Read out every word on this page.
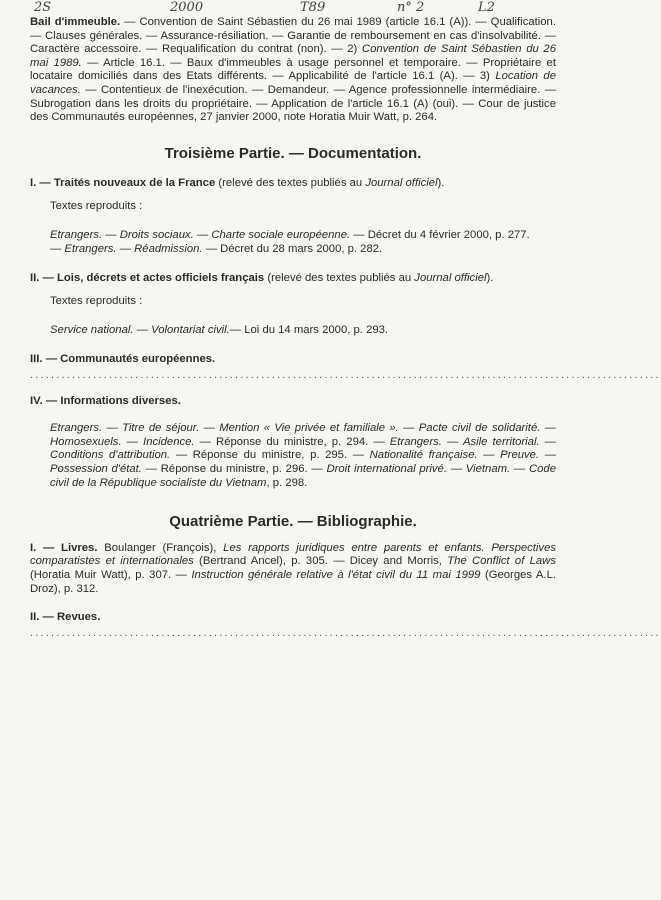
2S	2000	T89	n° 2	L2

Bail d'immeuble. — Convention de Saint Sébastien du 26 mai 1989 (article 16.1 (A)). — Qualification. — Clauses générales. — Assurance-résiliation. — Garantie de remboursement en cas d'insolvabilité. — Caractère accessoire. — Requalification du contrat (non). — 2) Convention de Saint Sébastien du 26 mai 1989. — Article 16.1. — Baux d'immeubles à usage personnel et temporaire. — Propriétaire et locataire domiciliés dans des Etats différents. — Applicabilité de l'article 16.1 (A). — 3) Location de vacances. — Contentieux de l'inexécution. — Demandeur. — Agence professionnelle intermédiaire. — Subrogation dans les droits du propriétaire. — Application de l'article 16.1 (A) (oui). — Cour de justice des Communautés européennes, 27 janvier 2000, note Horatia Muir Watt, p. 264.

Troisième Partie. — Documentation.

I. — Traités nouveaux de la France (relevé des textes publiés au Journal officiel).

Textes reproduits :

Etrangers. — Droits sociaux. — Charte sociale européenne. — Décret du 4 février 2000, p. 277.

— Etrangers. — Réadmission. — Décret du 28 mars 2000, p. 282.

II. — Lois, décrets et actes officiels français (relevé des textes publiés au Journal officiel).

Textes reproduits :

Service national. — Volontariat civil.— Loi du 14 mars 2000, p. 293.

III. — Communautés européennes.

........................................................................................................................

IV. — Informations diverses.

Etrangers. — Titre de séjour. — Mention « Vie privée et familiale ». — Pacte civil de solidarité. — Homosexuels. — Incidence. — Réponse du ministre, p. 294. — Etrangers. — Asile territorial. — Conditions d'attribution. — Réponse du ministre, p. 295. — Nationalité française. — Preuve. — Possession d'état. — Réponse du ministre, p. 296. — Droit international privé. — Vietnam. — Code civil de la République socialiste du Vietnam, p. 298.

Quatrième Partie. — Bibliographie.

I. — Livres. Boulanger (François), Les rapports juridiques entre parents et enfants. Perspectives comparatistes et internationales (Bertrand Ancel), p. 305. — Dicey and Morris, The Conflict of Laws (Horatia Muir Watt), p. 307. — Instruction générale relative à l'état civil du 11 mai 1999 (Georges A.L. Droz), p. 312.

II. — Revues.

........................................................................................................................
